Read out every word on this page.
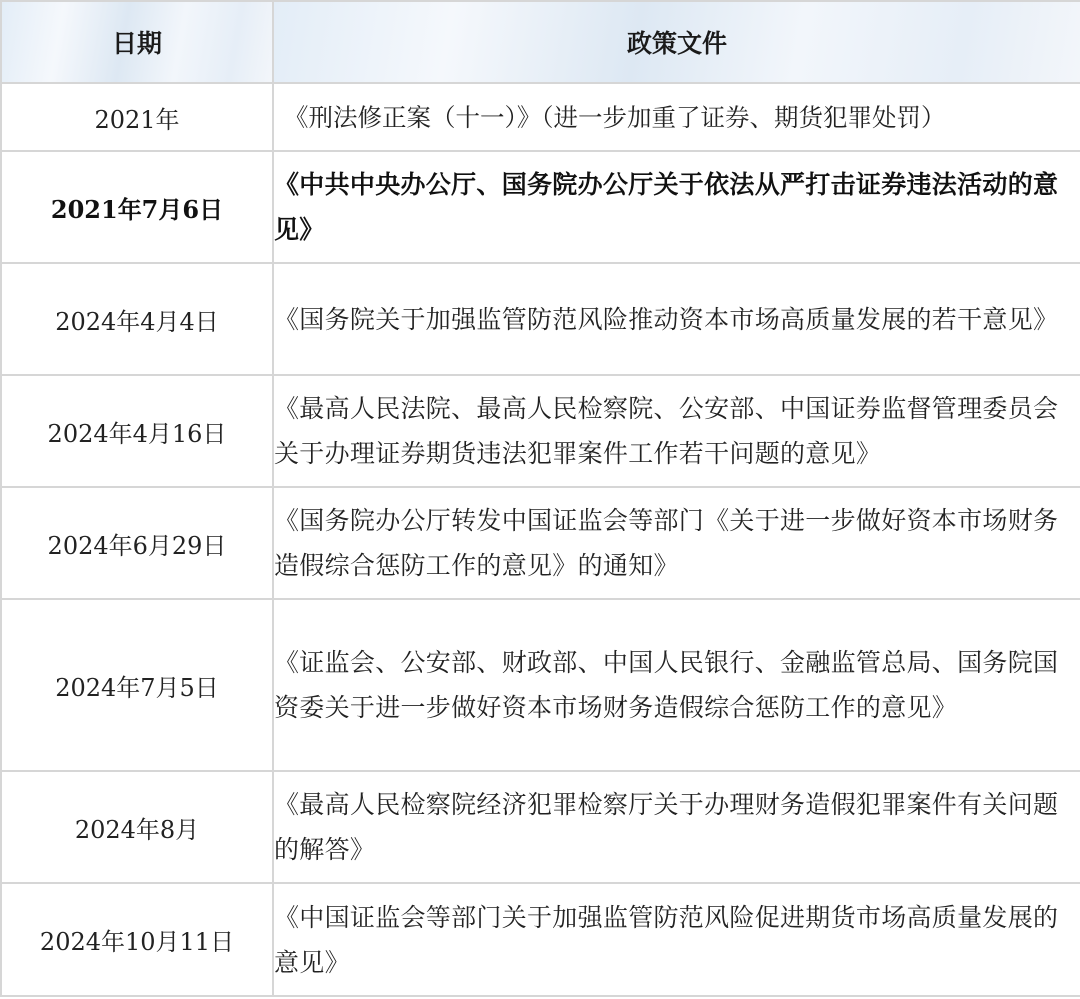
日期	政策文件
2021年	《刑法修正案（十一）》（进一步加重了证券、期货犯罪处罚）
2021年7月6日	《中共中央办公厅、国务院办公厅关于依法从严打击证券违法活动的意见》
2024年4月4日	《国务院关于加强监管防范风险推动资本市场高质量发展的若干意见》
2024年4月16日	《最高人民法院、最高人民检察院、公安部、中国证券监督管理委员会关于办理证券期货违法犯罪案件工作若干问题的意见》
2024年6月29日	《国务院办公厅转发中国证监会等部门《关于进一步做好资本市场财务造假综合惩防工作的意见》的通知》
2024年7月5日	《证监会、公安部、财政部、中国人民银行、金融监管总局、国务院国资委关于进一步做好资本市场财务造假综合惩防工作的意见》
2024年8月	《最高人民检察院经济犯罪检察厅关于办理财务造假犯罪案件有关问题的解答》
2024年10月11日	《中国证监会等部门关于加强监管防范风险促进期货市场高质量发展的意见》
